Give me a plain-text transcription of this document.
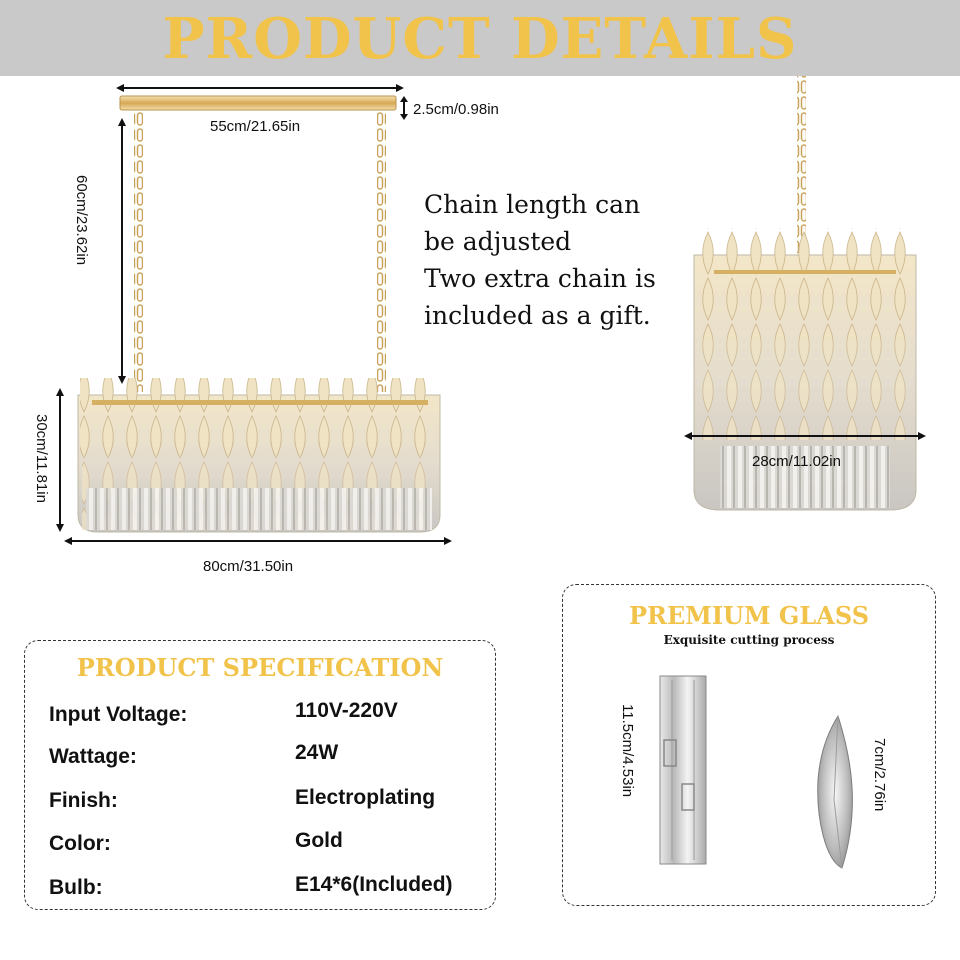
PRODUCT DETAILS
2.5cm/0.98in
55cm/21.65in
60cm/23.62in
30cm/11.81in
80cm/31.50in
28cm/11.02in
Chain length can
be adjusted
Two extra chain is
included as a gift.
PRODUCT SPECIFICATION
Input Voltage:	110V-220V
Wattage:	24W
Finish:	Electroplating
Color:	Gold
Bulb:	E14*6(Included)
PREMIUM GLASS
Exquisite cutting process
11.5cm/4.53in	7cm/2.76in
